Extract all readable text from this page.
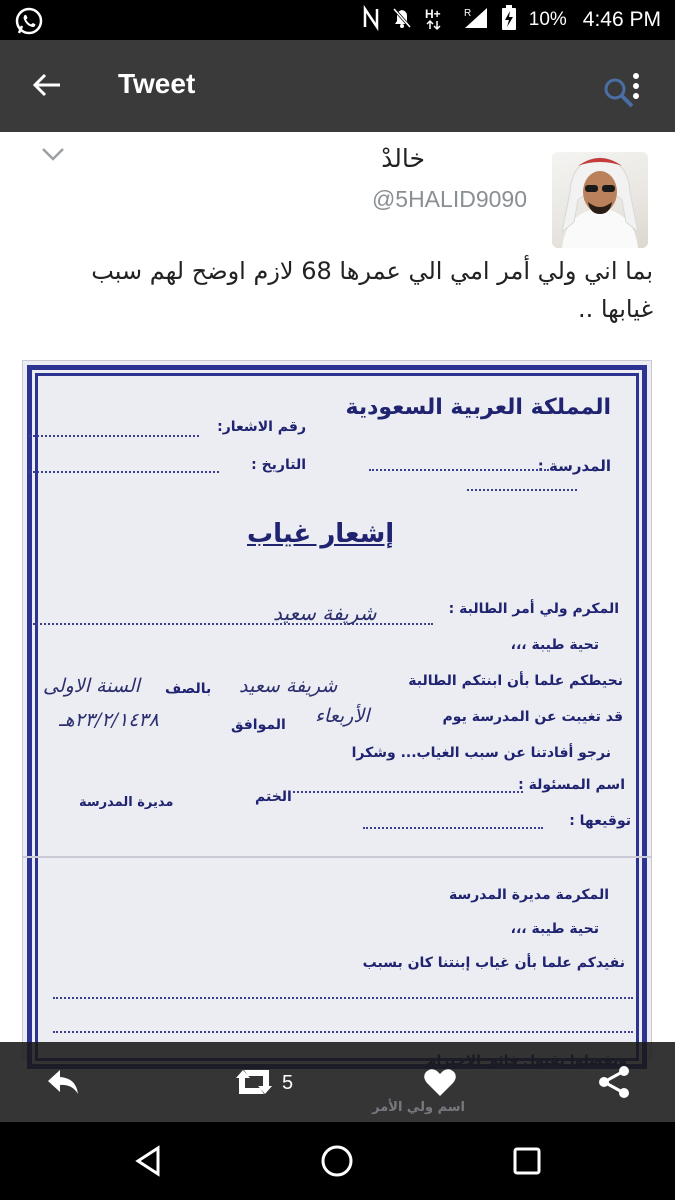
H+ R	10% 4:46 PM
Tweet
خالدْ
@5HALID9090
بما اني ولي أمر امي الي عمرها 68 لازم اوضح لهم سبب
غيابها ..
المملكة العربية السعودية
رقم الاشعار:
التاريخ :	المدرسة :
إشعار غياب
المكرم ولي أمر الطالبة :
شريفة سعيد
تحية طيبة ،،،
نحيطكم علما بأن ابنتكم الطالبة
شريفة سعيد
بالصف
السنة الاولى
قد تغيبت عن المدرسة يوم
الأربعاء
الموافق
٢٣/٢/١٤٣٨هـ
نرجو أفادتنا عن سبب الغياب... وشكرا
اسم المسئولة :
الختم
مديرة المدرسة
توقيعها :
المكرمة مديرة المدرسة
تحية طيبة ،،،
نفيدكم علما بأن غياب إبنتنا كان بسبب
اسم ولي الأمر
5
